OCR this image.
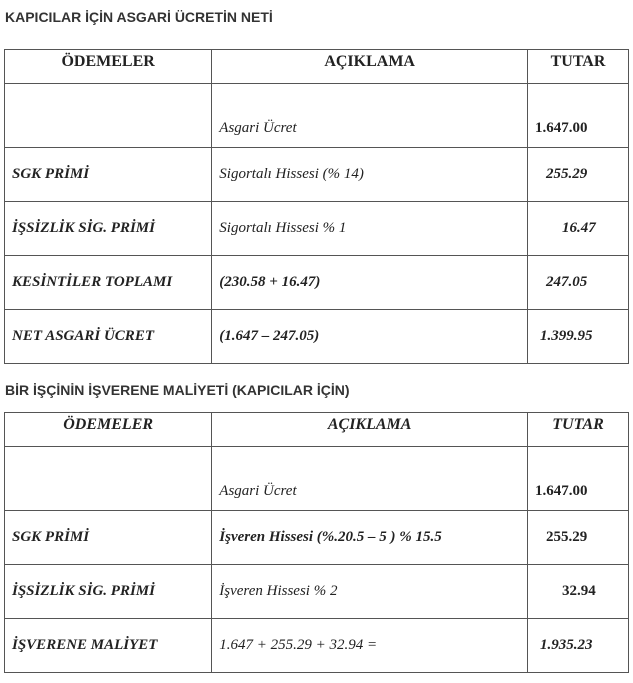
KAPICILAR İÇİN ASGARİ ÜCRETİN NETİ
ÖDEMELER	AÇIKLAMA	TUTAR
	Asgari Ücret	1.647.00
SGK PRİMİ	Sigortalı Hissesi (% 14)	255.29
İŞSİZLİK SİG. PRİMİ	Sigortalı Hissesi % 1	16.47
KESİNTİLER TOPLAMI	(230.58 + 16.47)	247.05
NET ASGARİ ÜCRET	(1.647 – 247.05)	1.399.95
BİR İŞÇİNİN İŞVERENE MALİYETİ (KAPICILAR İÇİN)
ÖDEMELER	AÇIKLAMA	TUTAR
	Asgari Ücret	1.647.00
SGK PRİMİ	İşveren Hissesi (%.20.5 – 5 ) % 15.5	255.29
İŞSİZLİK SİG. PRİMİ	İşveren Hissesi % 2	32.94
İŞVERENE MALİYET	1.647 + 255.29 + 32.94 =	1.935.23
